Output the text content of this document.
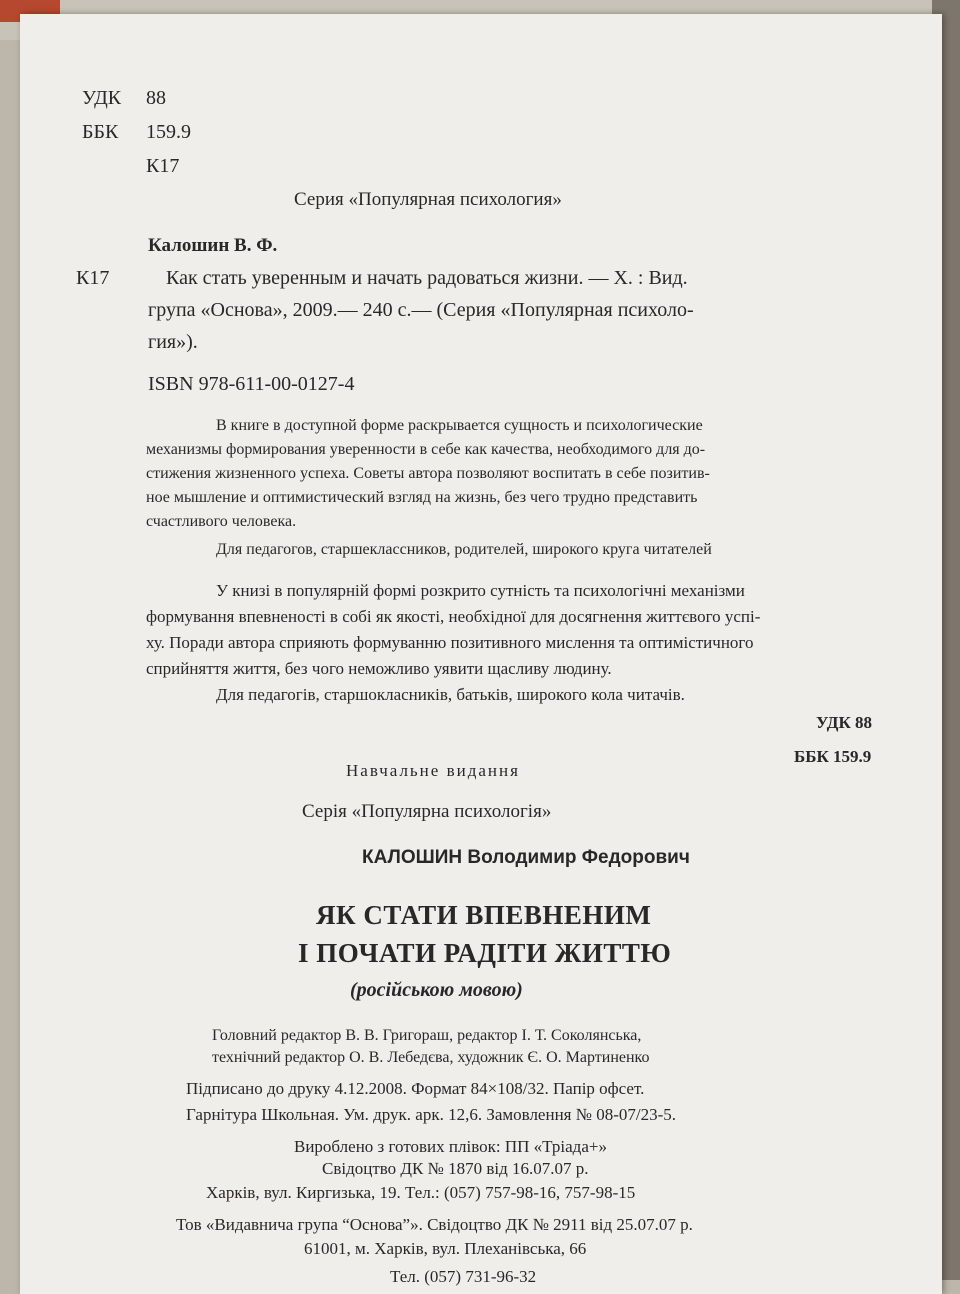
УДК 88
ББК 159.9
К17
Серия «Популярная психология»
Калошин В. Ф.
К17	Как стать уверенным и начать радоваться жизни. — Х. : Вид.
група «Основа», 2009.— 240 с.— (Серия «Популярная психоло-
гия»).
ISBN 978-611-00-0127-4
В книге в доступной форме раскрывается сущность и психологические
механизмы формирования уверенности в себе как качества, необходимого для до-
стижения жизненного успеха. Советы автора позволяют воспитать в себе позитив-
ное мышление и оптимистический взгляд на жизнь, без чего трудно представить
счастливого человека.
Для педагогов, старшеклассников, родителей, широкого круга читателей
У книзі в популярній формі розкрито сутність та психологічні механізми
формування впевненості в собі як якості, необхідної для досягнення життєвого успі-
ху. Поради автора сприяють формуванню позитивного мислення та оптимістичного
сприйняття життя, без чого неможливо уявити щасливу людину.
Для педагогів, старшокласників, батьків, широкого кола читачів.
УДК 88
ББК 159.9
Навчальне видання
Серія «Популярна психологія»
КАЛОШИН Володимир Федорович
ЯК СТАТИ ВПЕВНЕНИМ
І ПОЧАТИ РАДІТИ ЖИТТЮ
(російською мовою)
Головний редактор В. В. Григораш, редактор І. Т. Соколянська,
технічний редактор О. В. Лебедєва, художник Є. О. Мартиненко
Підписано до друку 4.12.2008. Формат 84×108/32. Папір офсет.
Гарнітура Школьная. Ум. друк. арк. 12,6. Замовлення № 08-07/23-5.
Вироблено з готових плівок: ПП «Тріада+»
Свідоцтво ДК № 1870 від 16.07.07 р.
Харків, вул. Киргизька, 19. Тел.: (057) 757-98-16, 757-98-15
Тов «Видавнича група “Основа”». Свідоцтво ДК № 2911 від 25.07.07 р.
61001, м. Харків, вул. Плеханівська, 66
Тел. (057) 731-96-32
